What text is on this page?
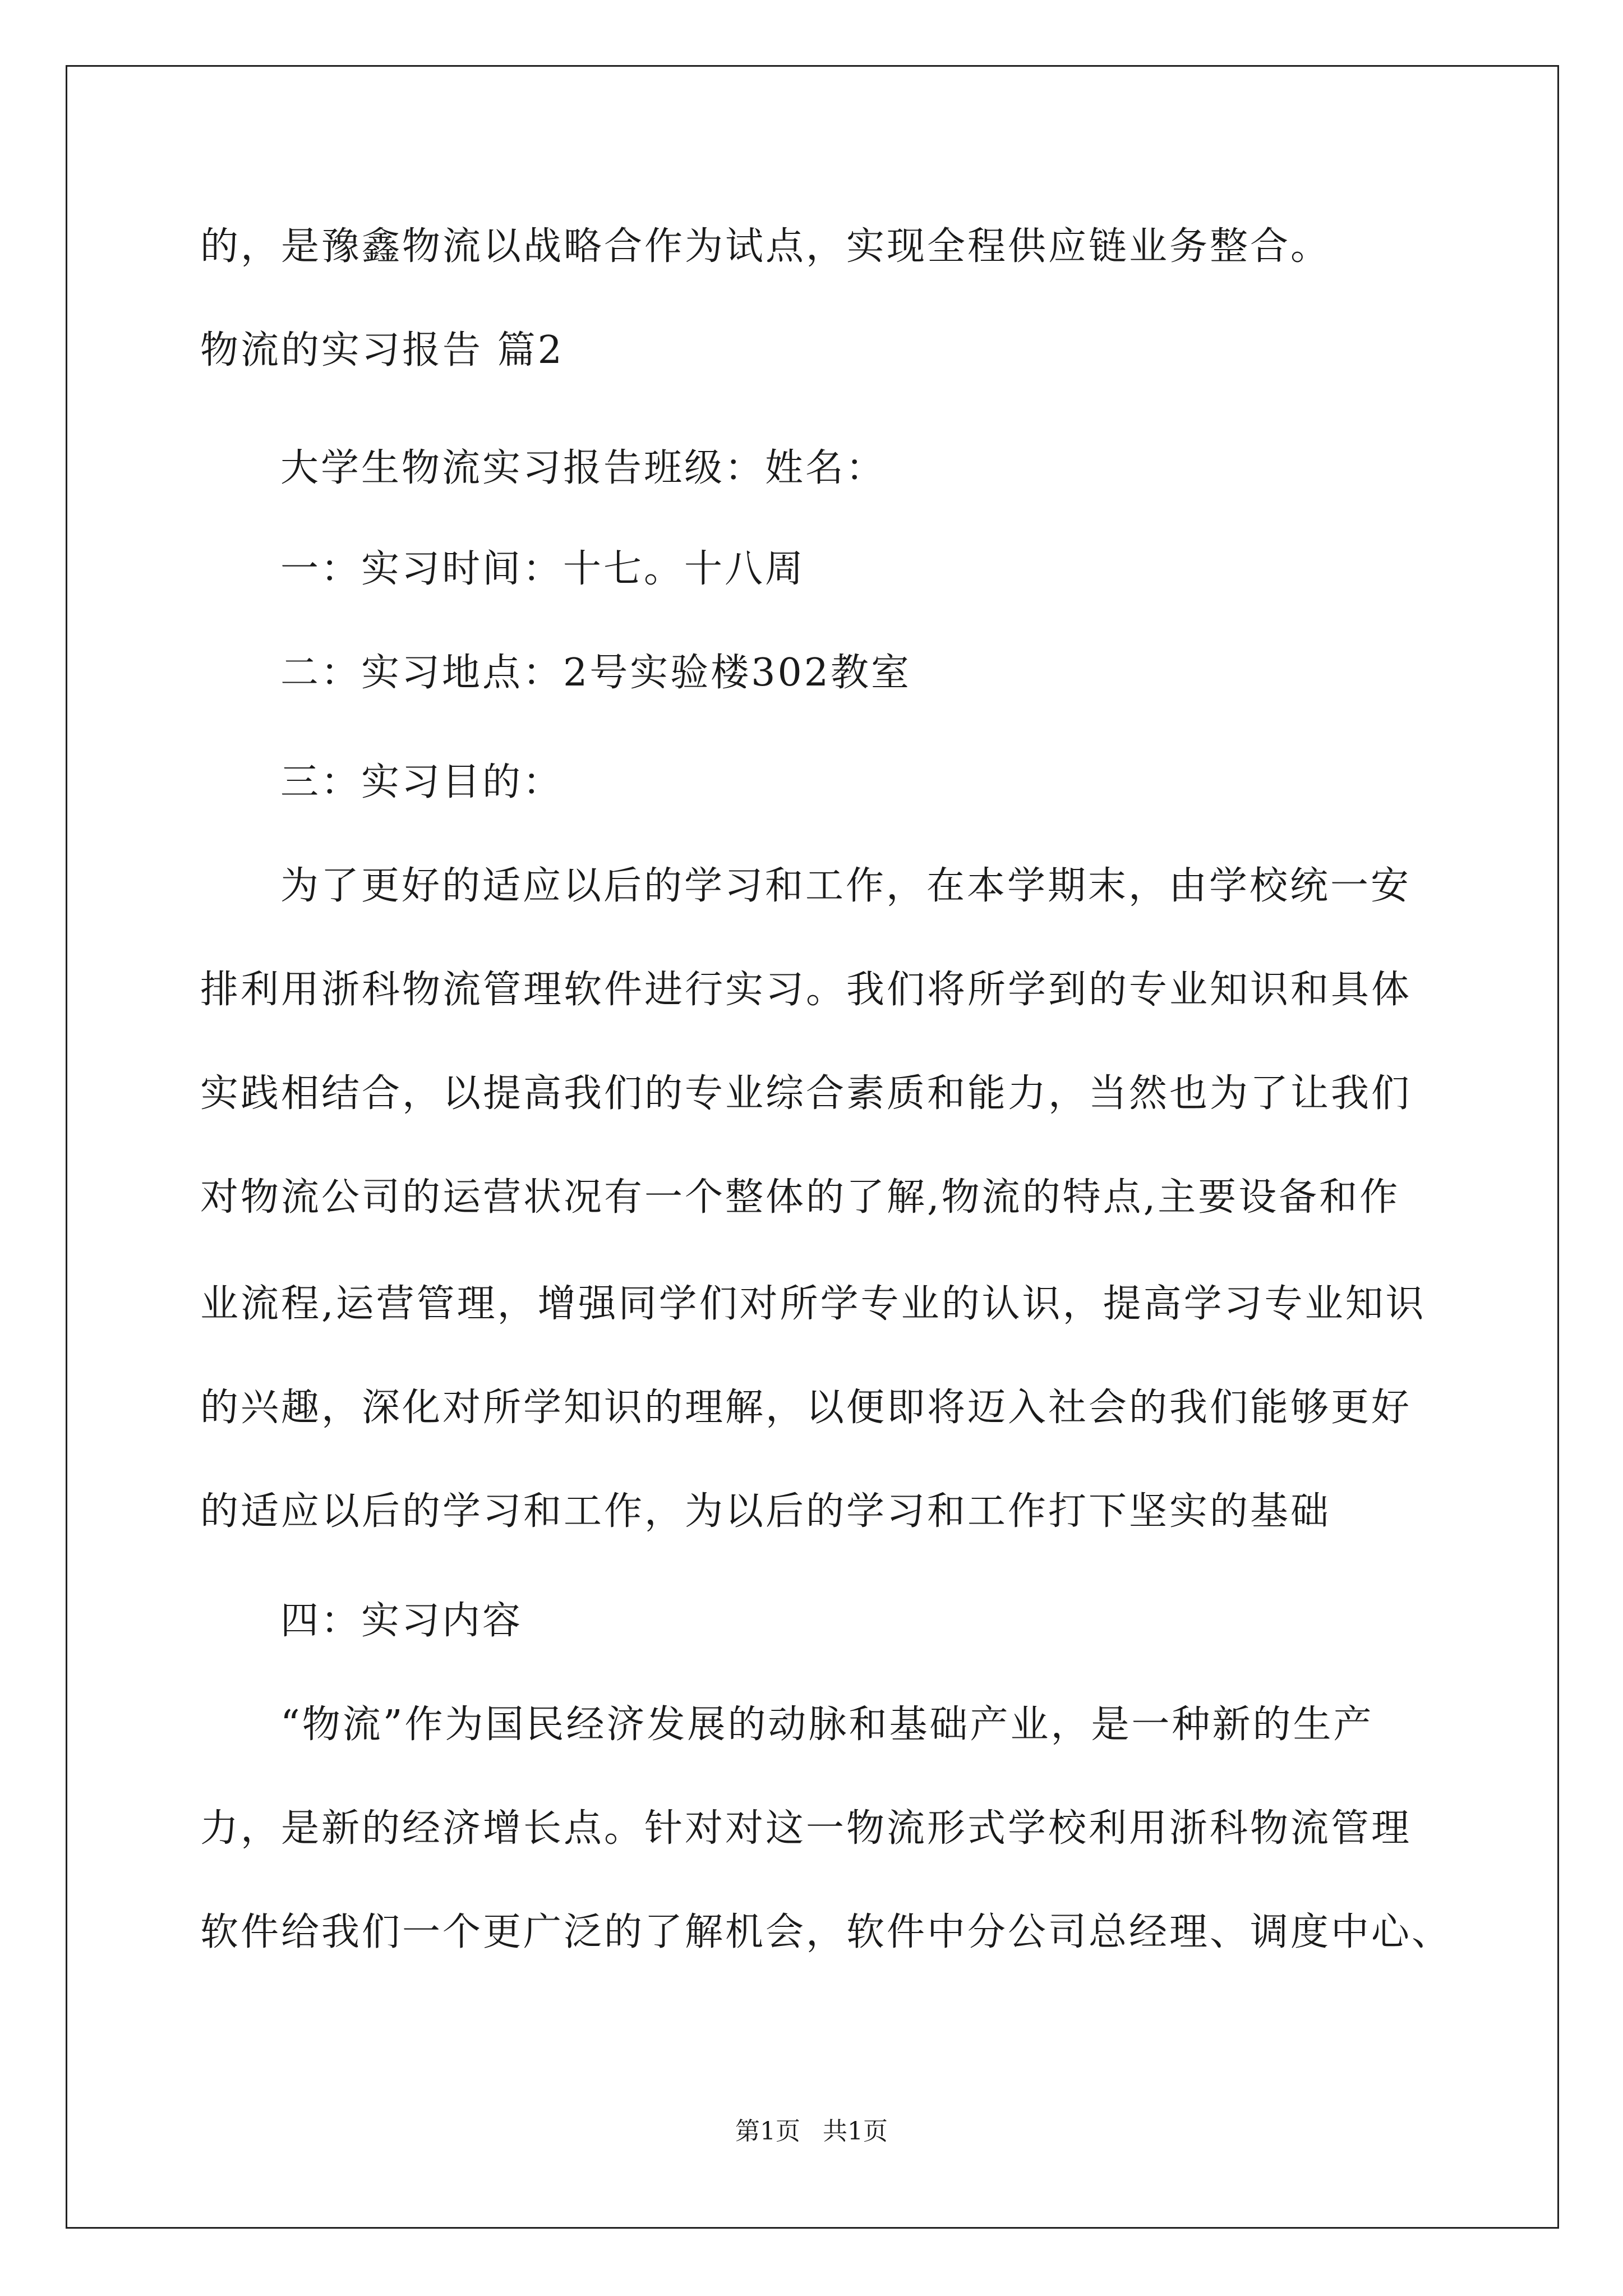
的，是豫鑫物流以战略合作为试点，实现全程供应链业务整合。

物流的实习报告 篇2

大学生物流实习报告班级：姓名：

一：实习时间：十七。十八周

二：实习地点：2号实验楼302教室

三：实习目的：

为了更好的适应以后的学习和工作，在本学期末，由学校统一安

排利用浙科物流管理软件进行实习。我们将所学到的专业知识和具体

实践相结合，以提高我们的专业综合素质和能力，当然也为了让我们

对物流公司的运营状况有一个整体的了解,物流的特点,主要设备和作

业流程,运营管理，增强同学们对所学专业的认识，提高学习专业知识

的兴趣，深化对所学知识的理解，以便即将迈入社会的我们能够更好

的适应以后的学习和工作，为以后的学习和工作打下坚实的基础

四：实习内容

“物流”作为国民经济发展的动脉和基础产业，是一种新的生产

力，是新的经济增长点。针对对这一物流形式学校利用浙科物流管理

软件给我们一个更广泛的了解机会，软件中分公司总经理、调度中心、

第1页 共1页
